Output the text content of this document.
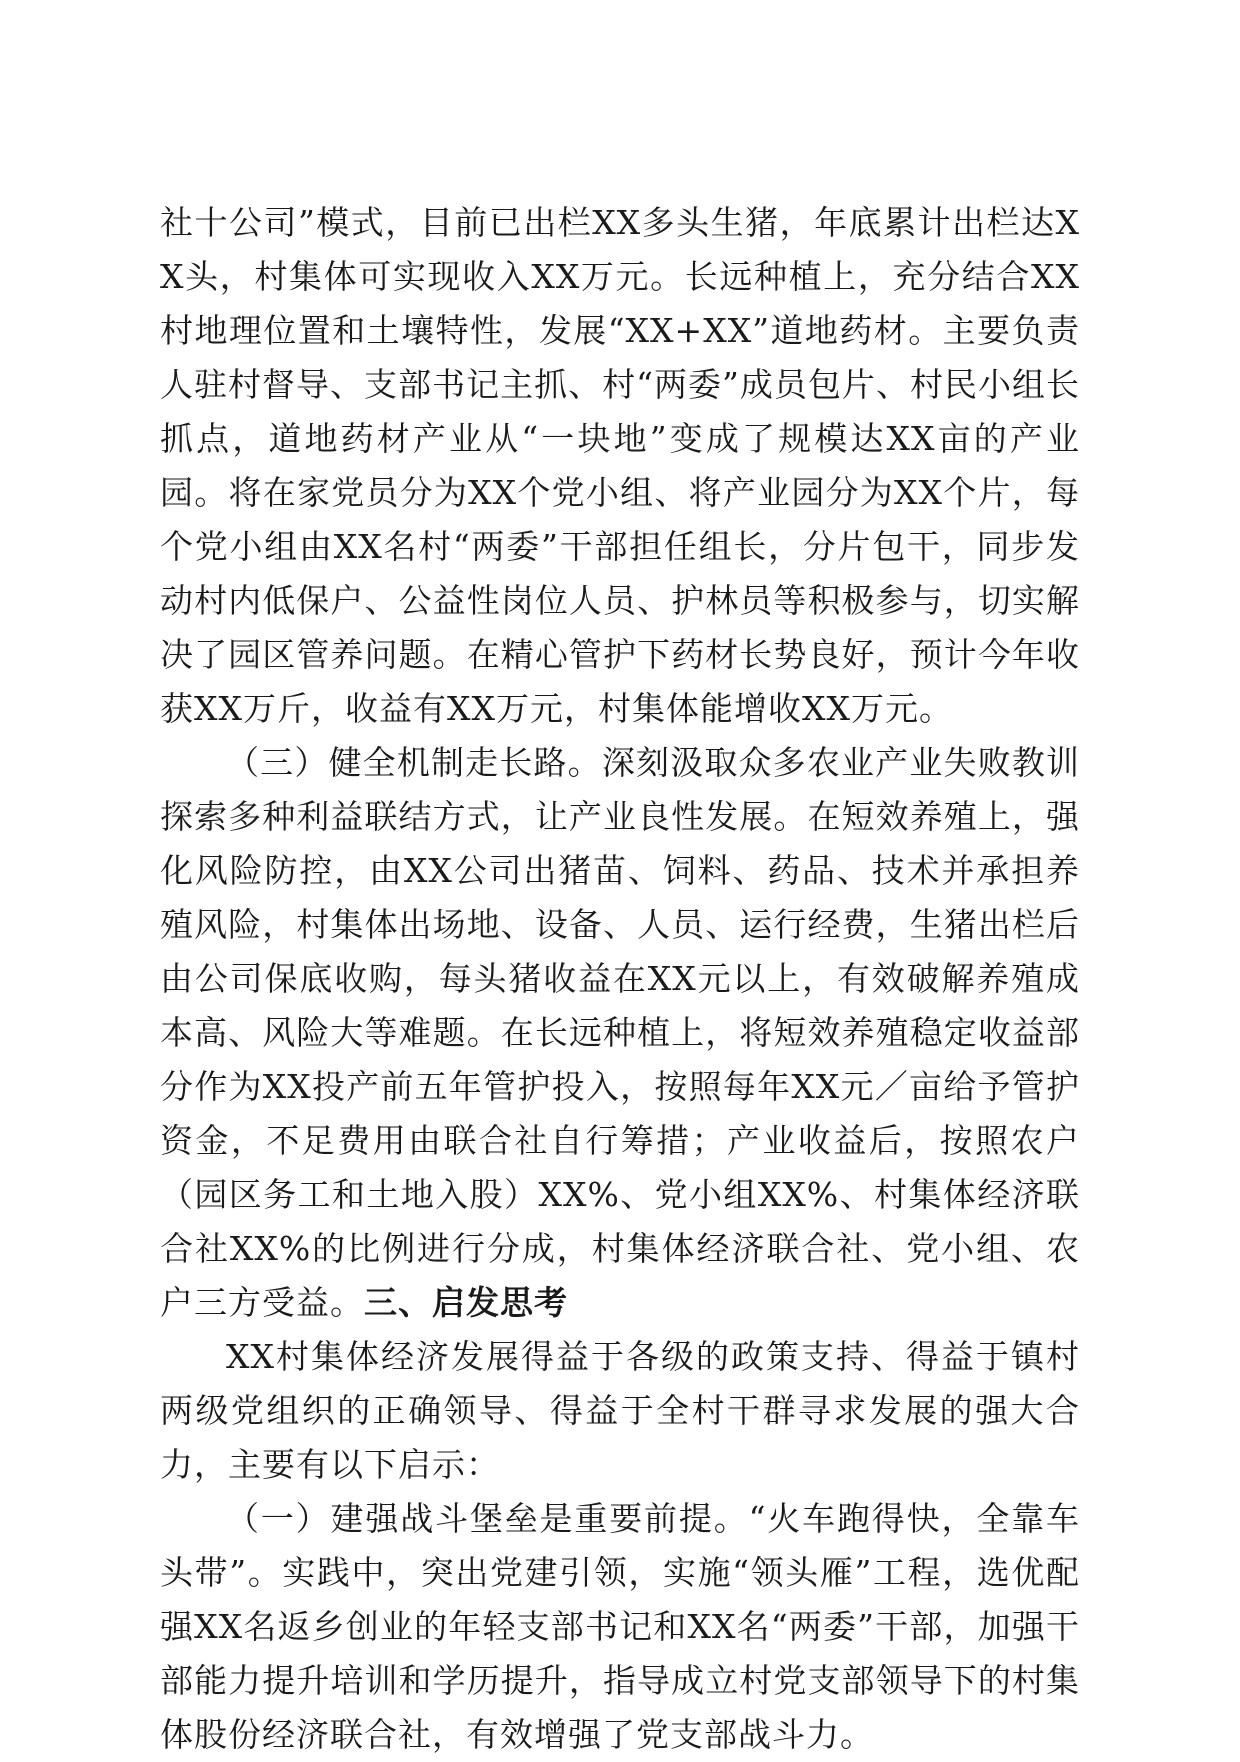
社十公司”模式，目前已出栏XX多头生猪，年底累计出栏达XX头，村集体可实现收入XX万元。长远种植上，充分结合XX村地理位置和土壤特性，发展“XX+XX”道地药材。主要负责人驻村督导、支部书记主抓、村“两委”成员包片、村民小组长抓点，道地药材产业从“一块地”变成了规模达XX亩的产业园。将在家党员分为XX个党小组、将产业园分为XX个片，每个党小组由XX名村“两委”干部担任组长，分片包干，同步发动村内低保户、公益性岗位人员、护林员等积极参与，切实解决了园区管养问题。在精心管护下药材长势良好，预计今年收获XX万斤，收益有XX万元，村集体能增收XX万元。

（三）健全机制走长路。深刻汲取众多农业产业失败教训探索多种利益联结方式，让产业良性发展。在短效养殖上，强化风险防控，由XX公司出猪苗、饲料、药品、技术并承担养殖风险，村集体出场地、设备、人员、运行经费，生猪出栏后由公司保底收购，每头猪收益在XX元以上，有效破解养殖成本高、风险大等难题。在长远种植上，将短效养殖稳定收益部分作为XX投产前五年管护投入，按照每年XX元／亩给予管护资金，不足费用由联合社自行筹措；产业收益后，按照农户（园区务工和土地入股）XX%、党小组XX%、村集体经济联合社XX%的比例进行分成，村集体经济联合社、党小组、农户三方受益。三、启发思考

XX村集体经济发展得益于各级的政策支持、得益于镇村两级党组织的正确领导、得益于全村干群寻求发展的强大合力，主要有以下启示：

（一）建强战斗堡垒是重要前提。“火车跑得快，全靠车头带”。实践中，突出党建引领，实施“领头雁”工程，选优配强XX名返乡创业的年轻支部书记和XX名“两委”干部，加强干部能力提升培训和学历提升，指导成立村党支部领导下的村集体股份经济联合社，有效增强了党支部战斗力。
